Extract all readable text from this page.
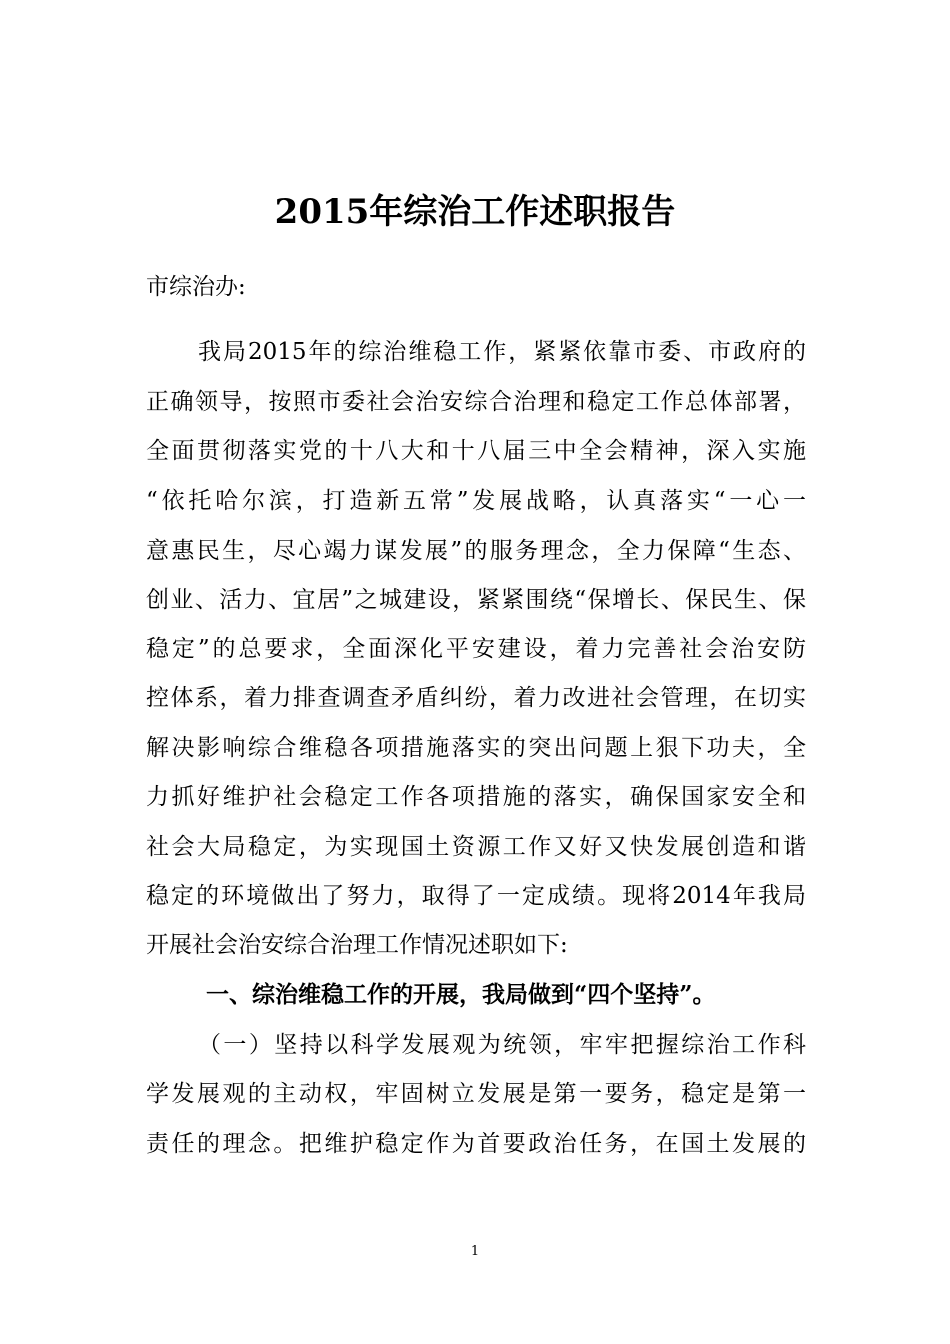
2015年综治工作述职报告
市综治办:
我局2015年的综治维稳工作，紧紧依靠市委、市政府的
正确领导，按照市委社会治安综合治理和稳定工作总体部署，
全面贯彻落实党的十八大和十八届三中全会精神，深入实施
“依托哈尔滨，打造新五常”发展战略，认真落实“一心一
意惠民生，尽心竭力谋发展”的服务理念，全力保障“生态、
创业、活力、宜居”之城建设，紧紧围绕“保增长、保民生、保
稳定”的总要求，全面深化平安建设，着力完善社会治安防
控体系，着力排查调查矛盾纠纷，着力改进社会管理，在切实
解决影响综合维稳各项措施落实的突出问题上狠下功夫，全
力抓好维护社会稳定工作各项措施的落实，确保国家安全和
社会大局稳定，为实现国土资源工作又好又快发展创造和谐
稳定的环境做出了努力，取得了一定成绩。现将2014年我局
开展社会治安综合治理工作情况述职如下:
一、综治维稳工作的开展，我局做到“四个坚持”。
（一）坚持以科学发展观为统领，牢牢把握综治工作科
学发展观的主动权，牢固树立发展是第一要务，稳定是第一
责任的理念。把维护稳定作为首要政治任务，在国土发展的
1
